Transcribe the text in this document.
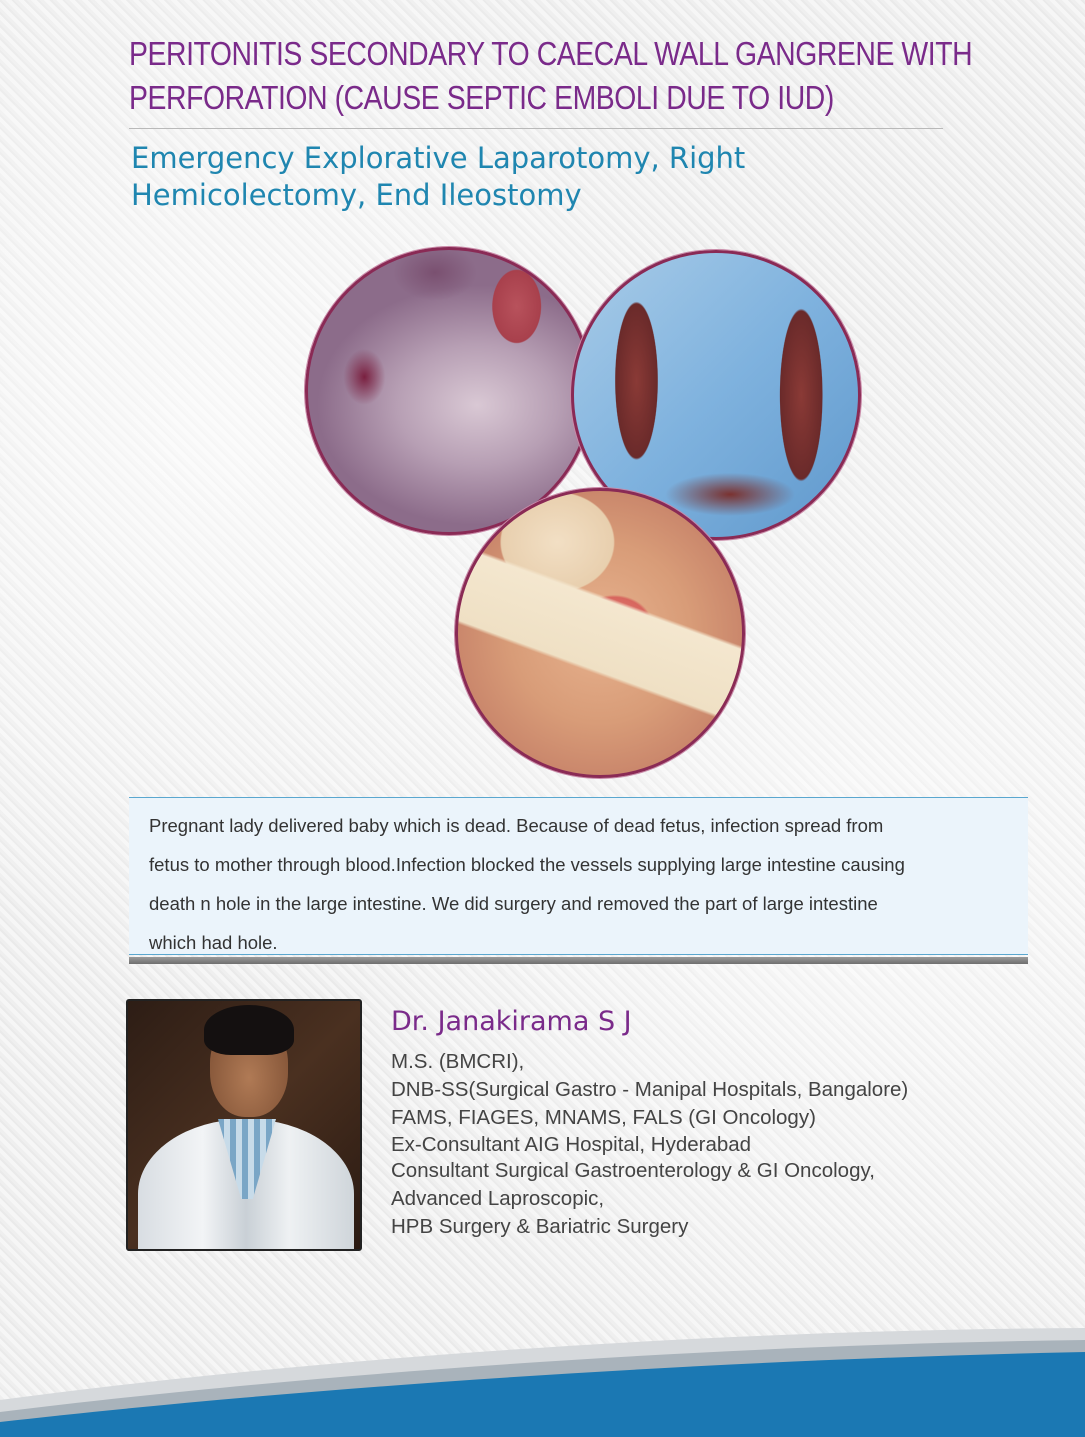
PERITONITIS SECONDARY TO CAECAL WALL GANGRENE WITH
PERFORATION (CAUSE SEPTIC EMBOLI DUE TO IUD)
Emergency Explorative Laparotomy, Right
Hemicolectomy, End Ileostomy
Pregnant lady delivered baby which is dead. Because of dead fetus, infection spread from
fetus to mother through blood.Infection blocked the vessels supplying large intestine causing
death n hole in the large intestine. We did surgery and removed the part of large intestine
which had hole.
Dr. Janakirama S J
M.S. (BMCRI),
DNB-SS(Surgical Gastro - Manipal Hospitals, Bangalore)
FAMS, FIAGES, MNAMS, FALS (GI Oncology)
Ex-Consultant AIG Hospital, Hyderabad
Consultant Surgical Gastroenterology & GI Oncology,
Advanced Laproscopic,
HPB Surgery & Bariatric Surgery
